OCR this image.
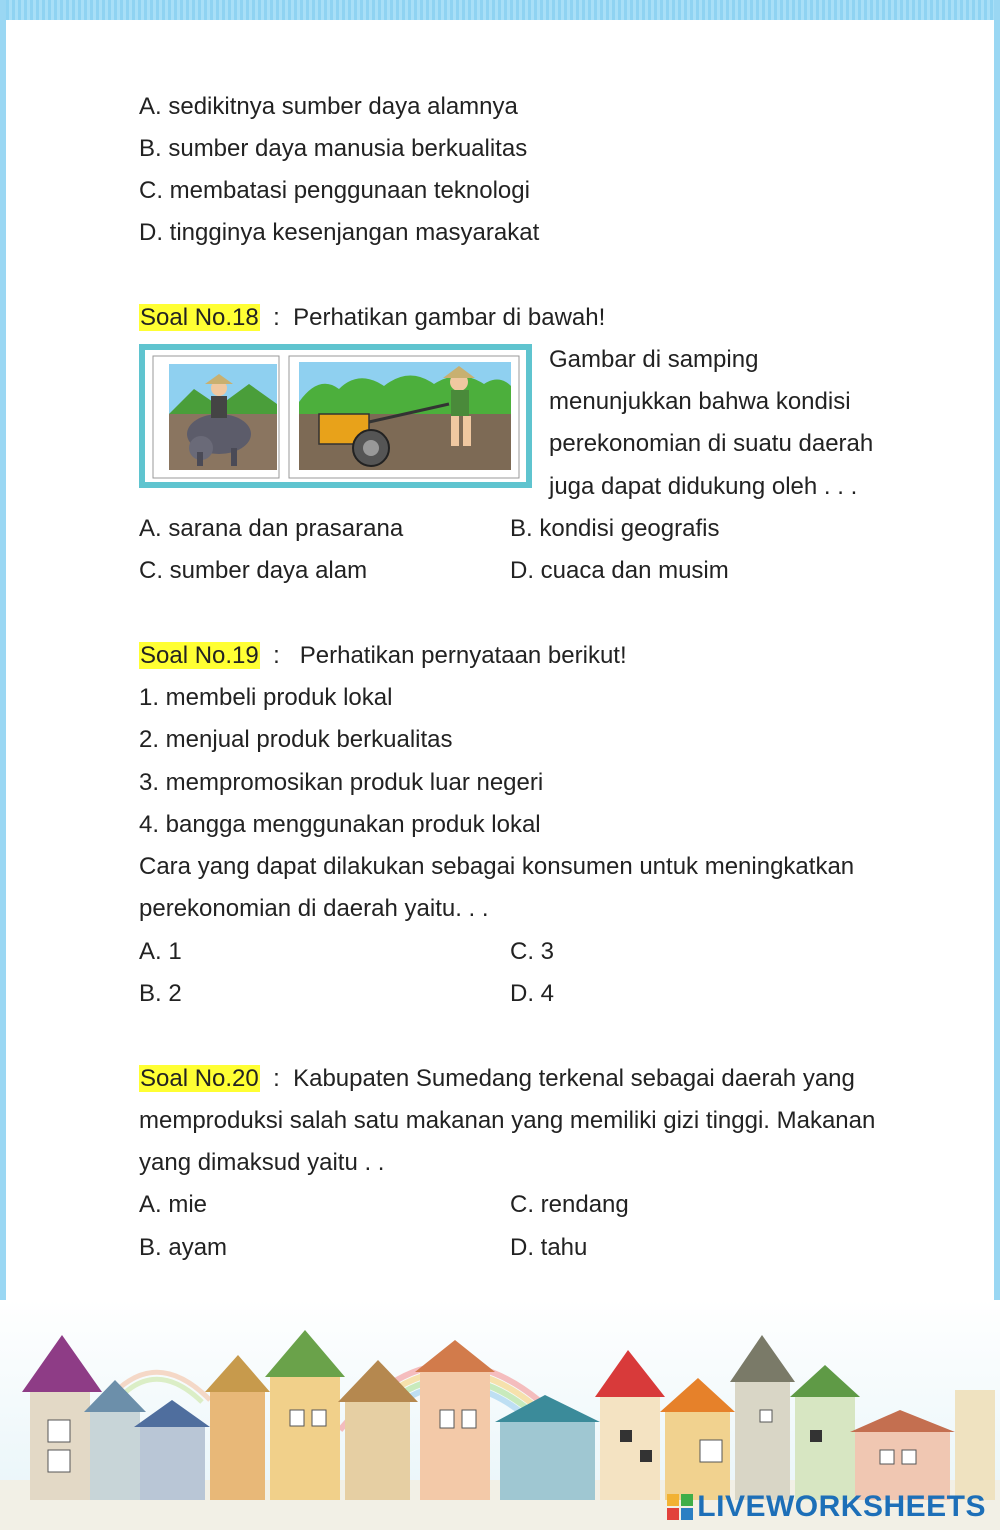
A. sedikitnya sumber daya alamnya
B. sumber daya manusia berkualitas
C. membatasi penggunaan teknologi
D. tingginya kesenjangan masyarakat
Soal No.18  :  Perhatikan gambar di bawah!
Gambar di samping
menunjukkan bahwa kondisi
perekonomian di suatu daerah
juga dapat didukung oleh . . .
A. sarana dan prasarana	B. kondisi geografis
C. sumber daya alam	D. cuaca dan musim
Soal No.19  :   Perhatikan pernyataan berikut!
1. membeli produk lokal
2. menjual produk berkualitas
3. mempromosikan produk luar negeri
4. bangga menggunakan produk lokal
Cara yang dapat dilakukan sebagai konsumen untuk meningkatkan
perekonomian di daerah yaitu. . .
A. 1	C. 3
B. 2	D. 4
Soal No.20  :  Kabupaten Sumedang terkenal sebagai daerah yang
memproduksi salah satu makanan yang memiliki gizi tinggi. Makanan
yang dimaksud yaitu . .
A. mie	C. rendang
B. ayam	D. tahu
LIVEWORKSHEETS
